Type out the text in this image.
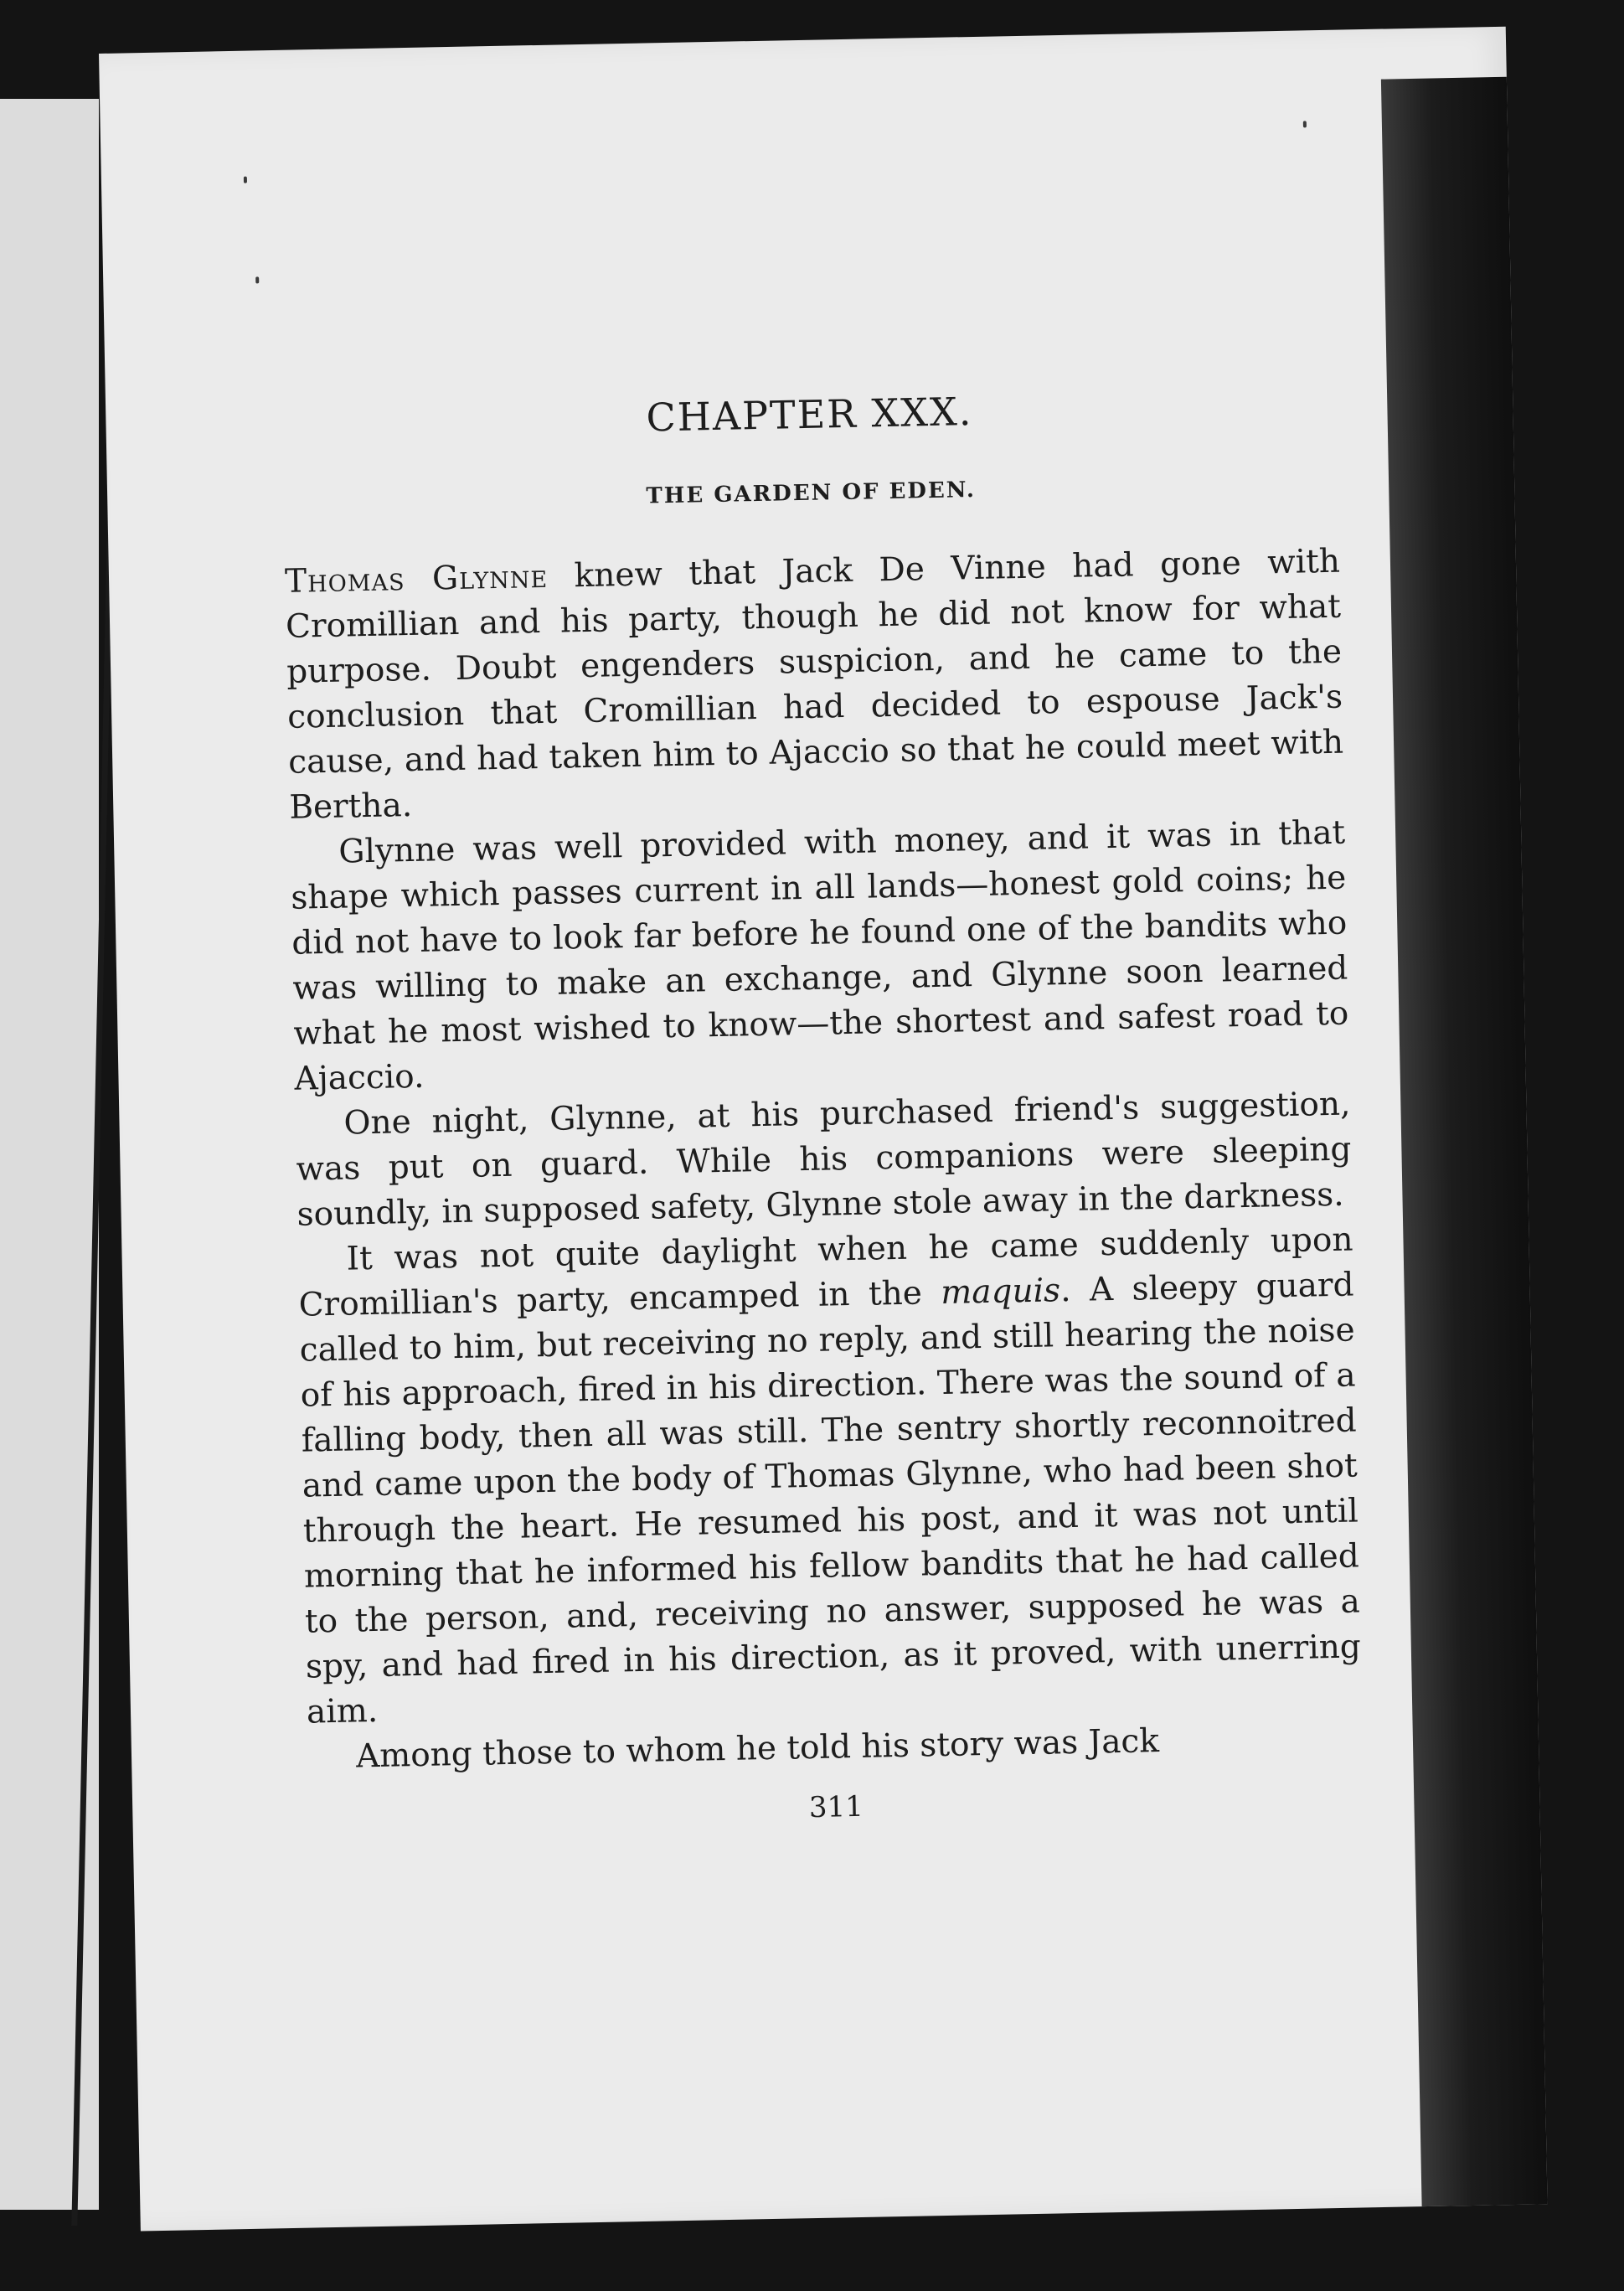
CHAPTER XXX.
THE GARDEN OF EDEN.

Thomas Glynne knew that Jack De Vinne had gone with Cromillian and his party, though he did not know for what purpose. Doubt engenders suspicion, and he came to the conclusion that Cromillian had decided to espouse Jack's cause, and had taken him to Ajaccio so that he could meet with Bertha.

Glynne was well provided with money, and it was in that shape which passes current in all lands—honest gold coins; he did not have to look far before he found one of the bandits who was willing to make an exchange, and Glynne soon learned what he most wished to know—the shortest and safest road to Ajaccio.

One night, Glynne, at his purchased friend's suggestion, was put on guard. While his companions were sleeping soundly, in supposed safety, Glynne stole away in the darkness.

It was not quite daylight when he came suddenly upon Cromillian's party, encamped in the maquis. A sleepy guard called to him, but receiving no reply, and still hearing the noise of his approach, fired in his direction. There was the sound of a falling body, then all was still. The sentry shortly reconnoitred and came upon the body of Thomas Glynne, who had been shot through the heart. He resumed his post, and it was not until morning that he informed his fellow bandits that he had called to the person, and, receiving no answer, supposed he was a spy, and had fired in his direction, as it proved, with unerring aim.

Among those to whom he told his story was Jack

311
